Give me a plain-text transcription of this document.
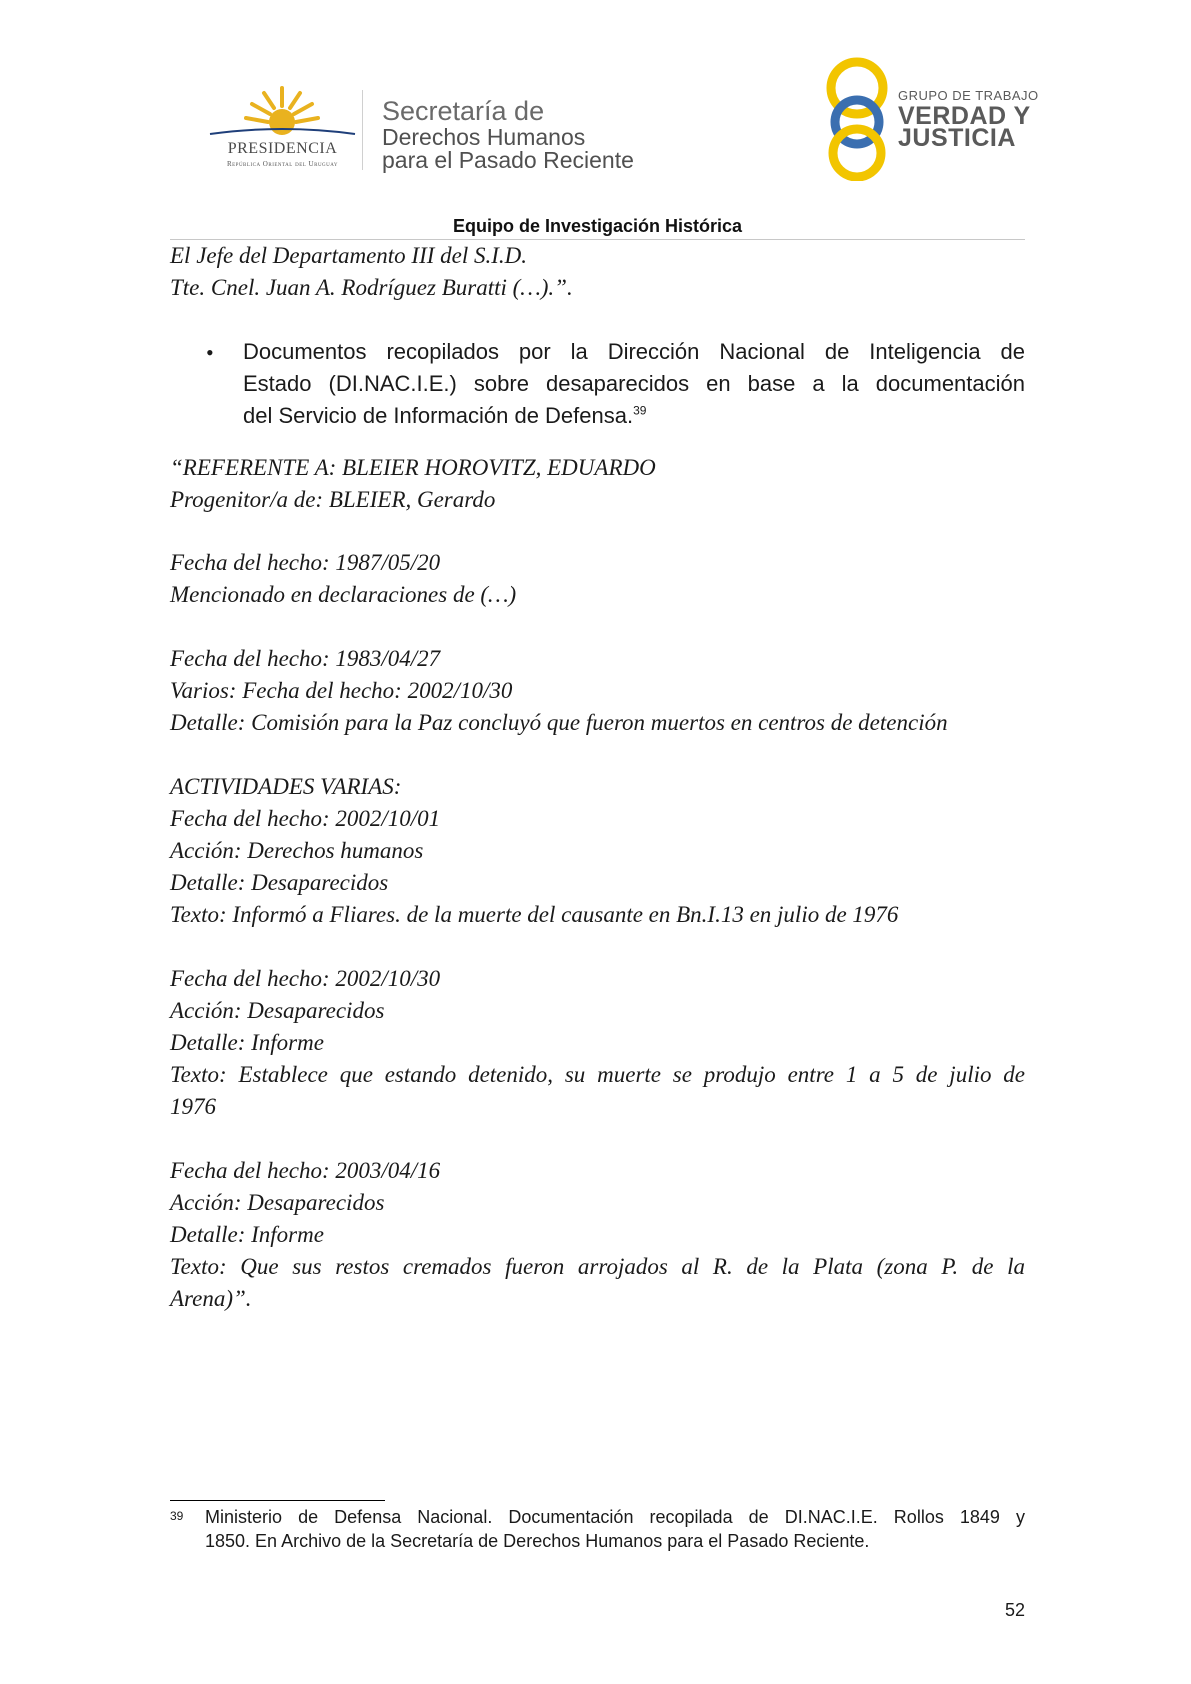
PRESIDENCIA
República Oriental del Uruguay
Secretaría de
Derechos Humanos
para el Pasado Reciente
GRUPO DE TRABAJO
VERDAD Y
JUSTICIA
Equipo de Investigación Histórica
El Jefe del Departamento III del S.I.D.
Tte. Cnel. Juan A. Rodríguez Buratti (…).”.
• Documentos recopilados por la Dirección Nacional de Inteligencia de
Estado (DI.NAC.I.E.) sobre desaparecidos en base a la documentación
del Servicio de Información de Defensa.$^{39}$
“REFERENTE A: BLEIER HOROVITZ, EDUARDO
Progenitor/a de: BLEIER, Gerardo
Fecha del hecho: 1987/05/20
Mencionado en declaraciones de (…)
Fecha del hecho: 1983/04/27
Varios: Fecha del hecho: 2002/10/30
Detalle: Comisión para la Paz concluyó que fueron muertos en centros de detención
ACTIVIDADES VARIAS:
Fecha del hecho: 2002/10/01
Acción: Derechos humanos
Detalle: Desaparecidos
Texto: Informó a Fliares. de la muerte del causante en Bn.I.13 en julio de 1976
Fecha del hecho: 2002/10/30
Acción: Desaparecidos
Detalle: Informe
Texto: Establece que estando detenido, su muerte se produjo entre 1 a 5 de julio de
1976
Fecha del hecho: 2003/04/16
Acción: Desaparecidos
Detalle: Informe
Texto: Que sus restos cremados fueron arrojados al R. de la Plata (zona P. de la
Arena)”.
39 Ministerio de Defensa Nacional. Documentación recopilada de DI.NAC.I.E. Rollos 1849 y
1850. En Archivo de la Secretaría de Derechos Humanos para el Pasado Reciente.
52
